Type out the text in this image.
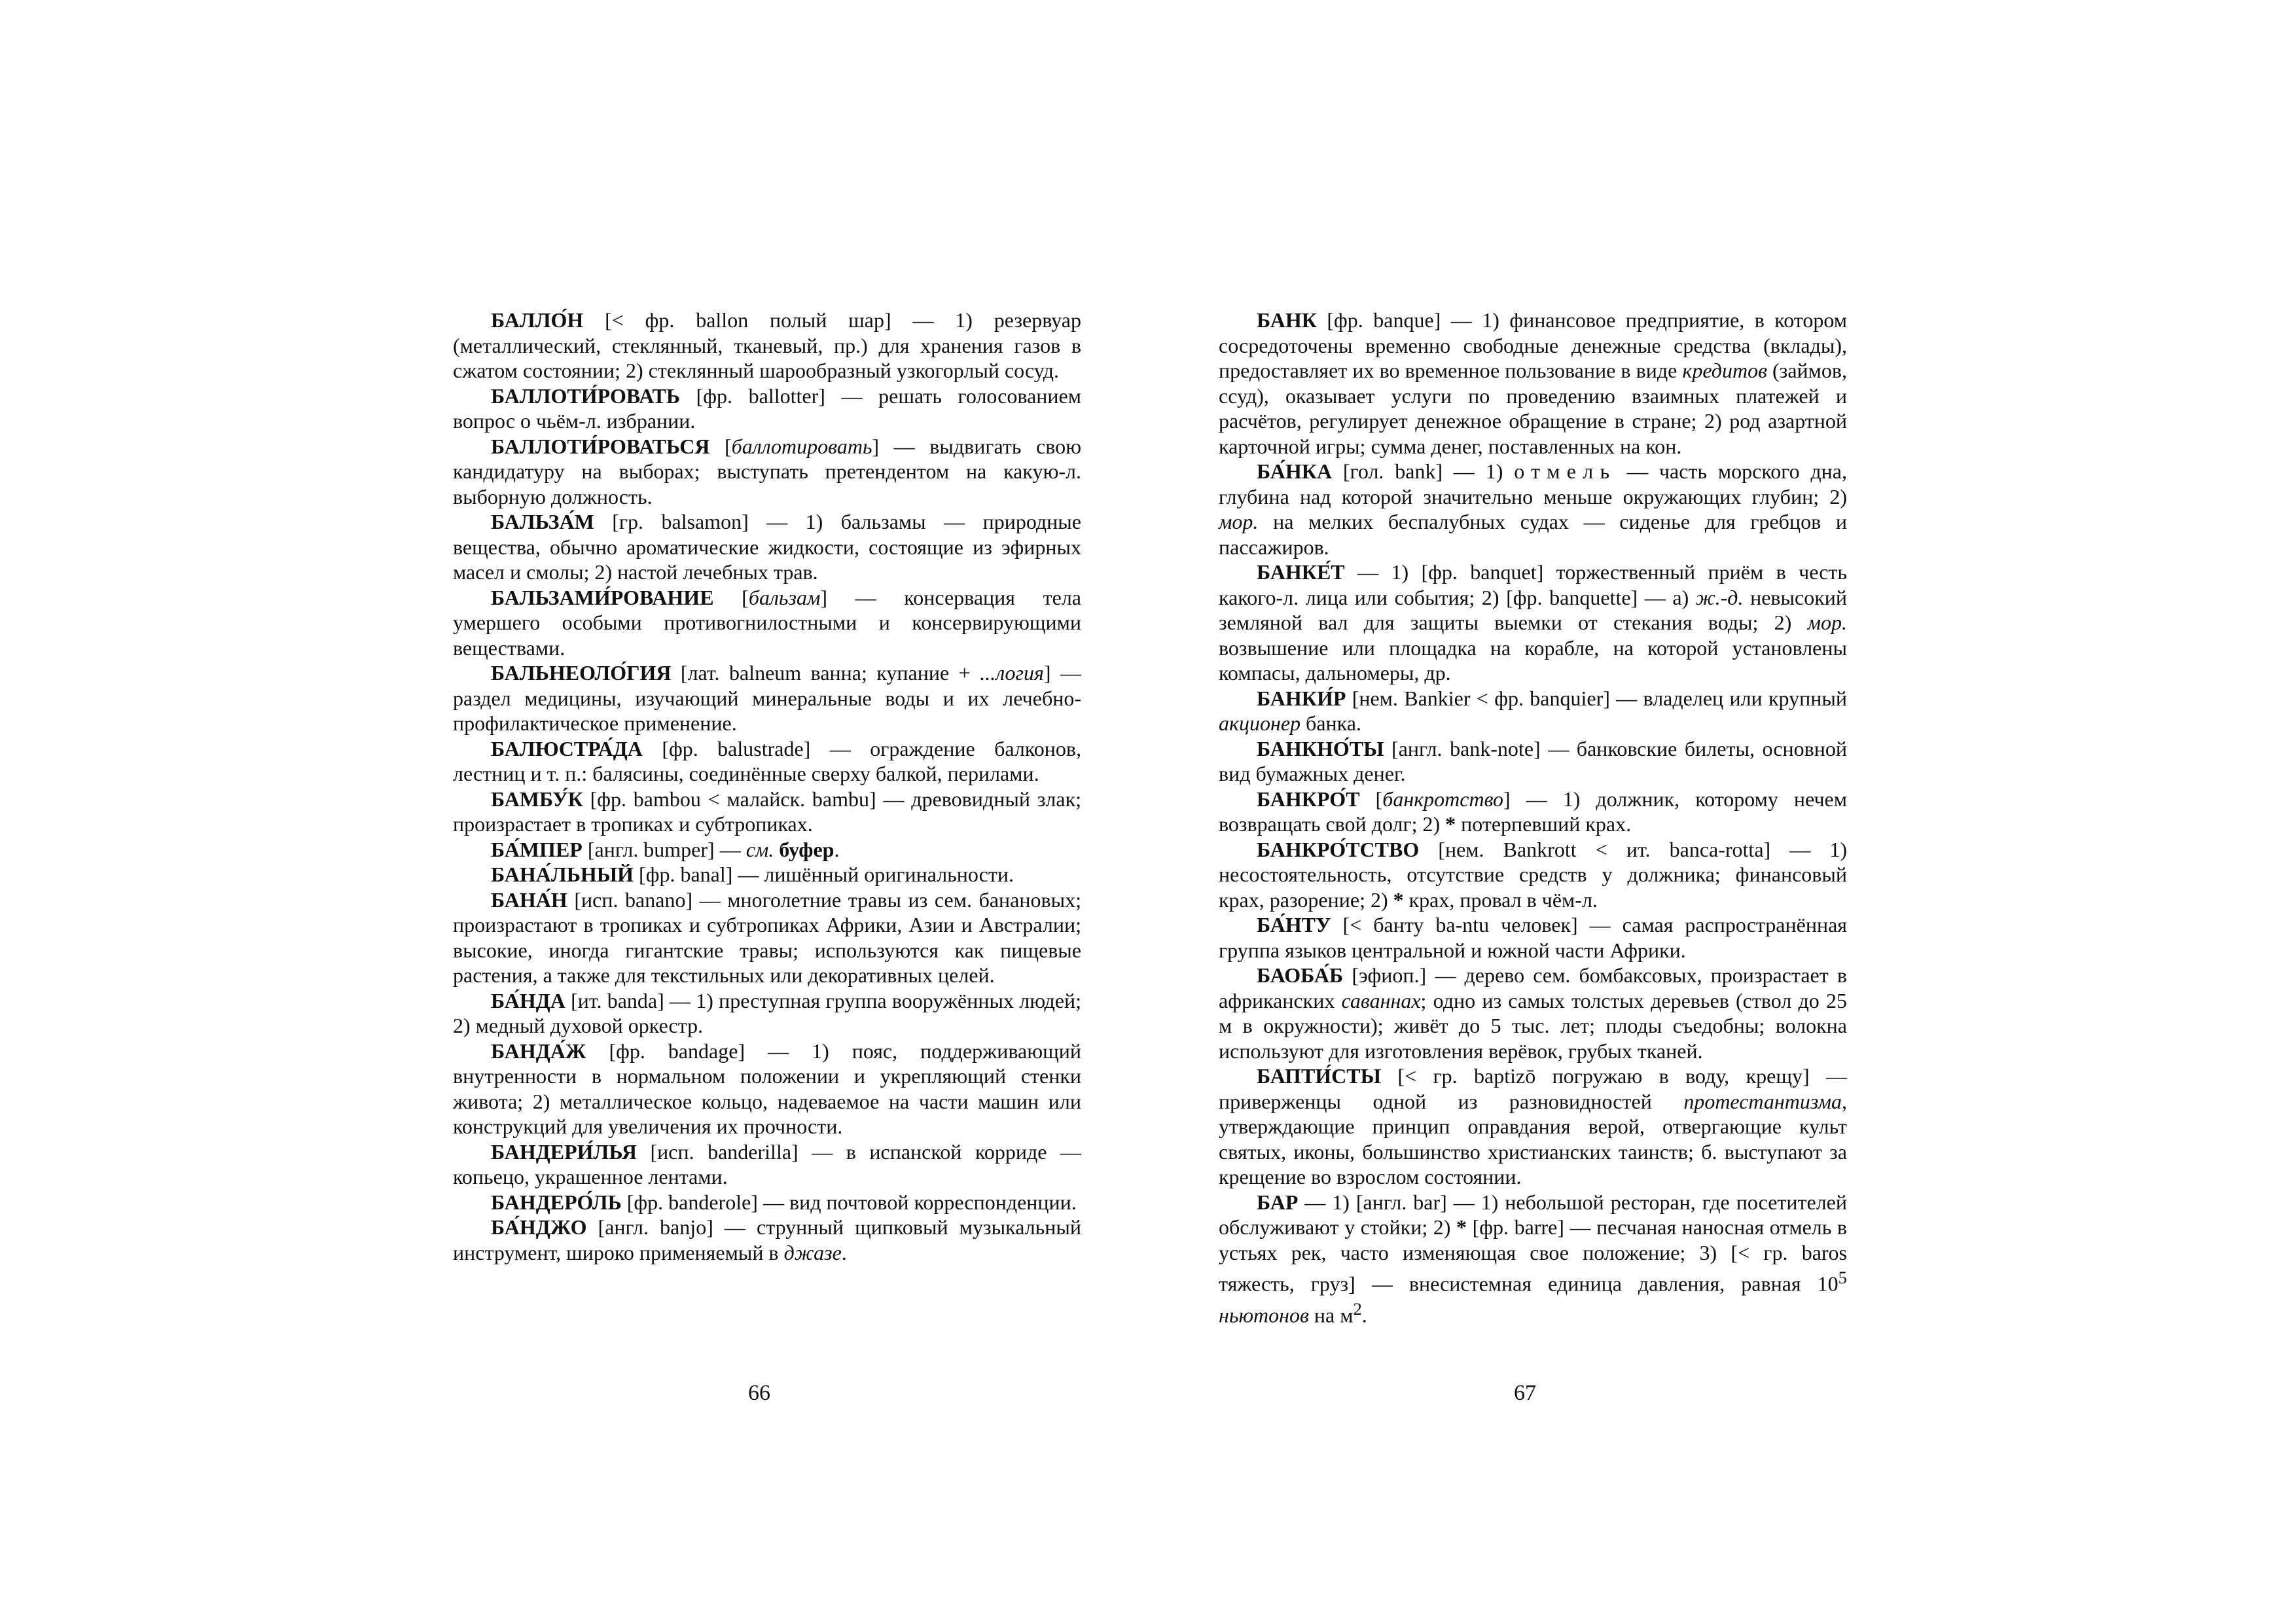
БАЛЛО́Н [< фр. ballon полый шар] — 1) резервуар (металлический, стеклянный, тканевый, пр.) для хранения газов в сжатом состоянии; 2) стеклянный шарообразный узкогорлый сосуд.

БАЛЛОТИ́РОВАТЬ [фр. ballotter] — решать голосованием вопрос о чьём-л. избрании.

БАЛЛОТИ́РОВАТЬСЯ [баллотировать] — выдвигать свою кандидатуру на выборах; выступать претендентом на какую-л. выборную должность.

БАЛЬЗА́М [гр. balsamon] — 1) бальзамы — природные вещества, обычно ароматические жидкости, состоящие из эфирных масел и смолы; 2) настой лечебных трав.

БАЛЬЗАМИ́РОВАНИЕ [бальзам] — консервация тела умершего особыми противогнилостными и консервирующими веществами.

БАЛЬНЕОЛО́ГИЯ [лат. balneum ванна; купание + ...логия] — раздел медицины, изучающий минеральные воды и их лечебно-профилактическое применение.

БАЛЮСТРА́ДА [фр. balustrade] — ограждение балконов, лестниц и т. п.: балясины, соединённые сверху балкой, перилами.

БАМБУ́К [фр. bambou < малайск. bambu] — древовидный злак; произрастает в тропиках и субтропиках.

БА́МПЕР [англ. bumper] — см. буфер.

БАНА́ЛЬНЫЙ [фр. banal] — лишённый оригинальности.

БАНА́Н [исп. banano] — многолетние травы из сем. банановых; произрастают в тропиках и субтропиках Африки, Азии и Австралии; высокие, иногда гигантские травы; используются как пищевые растения, а также для текстильных или декоративных целей.

БА́НДА [ит. banda] — 1) преступная группа вооружённых людей; 2) медный духовой оркестр.

БАНДА́Ж [фр. bandage] — 1) пояс, поддерживающий внутренности в нормальном положении и укрепляющий стенки живота; 2) металлическое кольцо, надеваемое на части машин или конструкций для увеличения их прочности.

БАНДЕРИ́ЛЬЯ [исп. banderilla] — в испанской корриде — копьецо, украшенное лентами.

БАНДЕРО́ЛЬ [фр. banderole] — вид почтовой корреспонденции.

БА́НДЖО [англ. banjo] — струнный щипковый музыкальный инструмент, широко применяемый в джазе.

БАНК [фр. banque] — 1) финансовое предприятие, в котором сосредоточены временно свободные денежные средства (вклады), предоставляет их во временное пользование в виде кредитов (займов, ссуд), оказывает услуги по проведению взаимных платежей и расчётов, регулирует денежное обращение в стране; 2) род азартной карточной игры; сумма денег, поставленных на кон.

БА́НКА [гол. bank] — 1) отмель — часть морского дна, глубина над которой значительно меньше окружающих глубин; 2) мор. на мелких беспалубных судах — сиденье для гребцов и пассажиров.

БАНКЕ́Т — 1) [фр. banquet] торжественный приём в честь какого-л. лица или события; 2) [фр. banquette] — а) ж.-д. невысокий земляной вал для защиты выемки от стекания воды; 2) мор. возвышение или площадка на корабле, на которой установлены компасы, дальномеры, др.

БАНКИ́Р [нем. Bankier < фр. banquier] — владелец или крупный акционер банка.

БАНКНО́ТЫ [англ. bank-note] — банковские билеты, основной вид бумажных денег.

БАНКРО́Т [банкротство] — 1) должник, которому нечем возвращать свой долг; 2) * потерпевший крах.

БАНКРО́ТСТВО [нем. Bankrott < ит. banca-rotta] — 1) несостоятельность, отсутствие средств у должника; финансовый крах, разорение; 2) * крах, провал в чём-л.

БА́НТУ [< банту ba-ntu человек] — самая распространённая группа языков центральной и южной части Африки.

БАОБА́Б [эфиоп.] — дерево сем. бомбаксовых, произрастает в африканских саваннах; одно из самых толстых деревьев (ствол до 25 м в окружности); живёт до 5 тыс. лет; плоды съедобны; волокна используют для изготовления верёвок, грубых тканей.

БАПТИ́СТЫ [< гр. baptizō погружаю в воду, крещу] — приверженцы одной из разновидностей протестантизма, утверждающие принцип оправдания верой, отвергающие культ святых, иконы, большинство христианских таинств; б. выступают за крещение во взрослом состоянии.

БАР — 1) [англ. bar] — 1) небольшой ресторан, где посетителей обслуживают у стойки; 2) * [фр. barre] — песчаная наносная отмель в устьях рек, часто изменяющая свое положение; 3) [< гр. baros тяжесть, груз] — внесистемная единица давления, равная $10^5$ ньютонов на $м^2$.

66	67
